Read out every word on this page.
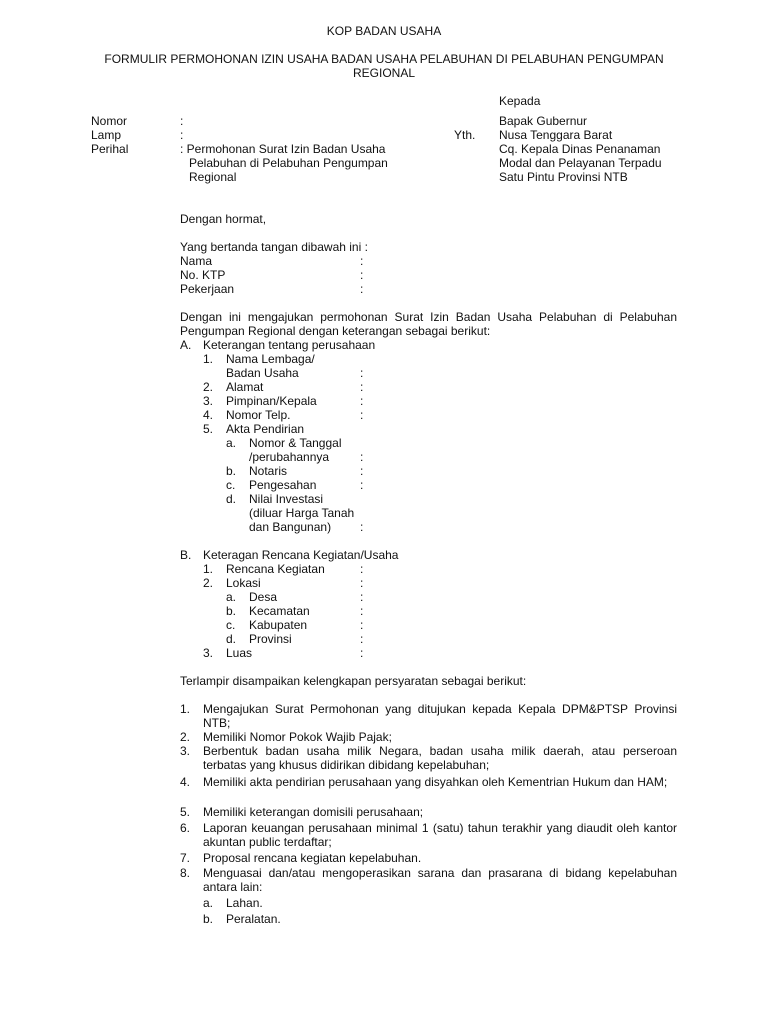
KOP BADAN USAHA
FORMULIR PERMOHONAN IZIN USAHA BADAN USAHA PELABUHAN DI PELABUHAN PENGUMPAN
REGIONAL
Kepada
Yth.
Bapak Gubernur
Nusa Tenggara Barat
Cq. Kepala Dinas Penanaman
Modal dan Pelayanan Terpadu
Satu Pintu Provinsi NTB
Nomor	:
Lamp	:
Perihal	: Permohonan Surat Izin Badan Usaha
Pelabuhan di Pelabuhan Pengumpan
Regional
Dengan hormat,
Yang bertanda tangan dibawah ini :
Nama	:
No. KTP	:
Pekerjaan	:
Dengan ini mengajukan permohonan Surat Izin Badan Usaha Pelabuhan di Pelabuhan Pengumpan Regional dengan keterangan sebagai berikut:
A. Keterangan tentang perusahaan
1. Nama Lembaga/
Badan Usaha	:
2. Alamat	:
3. Pimpinan/Kepala	:
4. Nomor Telp.	:
5. Akta Pendirian
a. Nomor & Tanggal
/perubahannya	:
b. Notaris	:
c. Pengesahan	:
d. Nilai Investasi
(diluar Harga Tanah
dan Bangunan) :
B. Keteragan Rencana Kegiatan/Usaha
1. Rencana Kegiatan	:
2. Lokasi	:
a. Desa	:
b. Kecamatan	:
c. Kabupaten	:
d. Provinsi	:
3. Luas	:
Terlampir disampaikan kelengkapan persyaratan sebagai berikut:
1. Mengajukan Surat Permohonan yang ditujukan kepada Kepala DPM&PTSP Provinsi NTB;
2. Memiliki Nomor Pokok Wajib Pajak;
3. Berbentuk badan usaha milik Negara, badan usaha milik daerah, atau perseroan terbatas yang khusus didirikan dibidang kepelabuhan;
4. Memiliki akta pendirian perusahaan yang disyahkan oleh Kementrian Hukum dan HAM;
5. Memiliki keterangan domisili perusahaan;
6. Laporan keuangan perusahaan minimal 1 (satu) tahun terakhir yang diaudit oleh kantor akuntan public terdaftar;
7. Proposal rencana kegiatan kepelabuhan.
8. Menguasai dan/atau mengoperasikan sarana dan prasarana di bidang kepelabuhan antara lain:
a. Lahan.
b. Peralatan.
